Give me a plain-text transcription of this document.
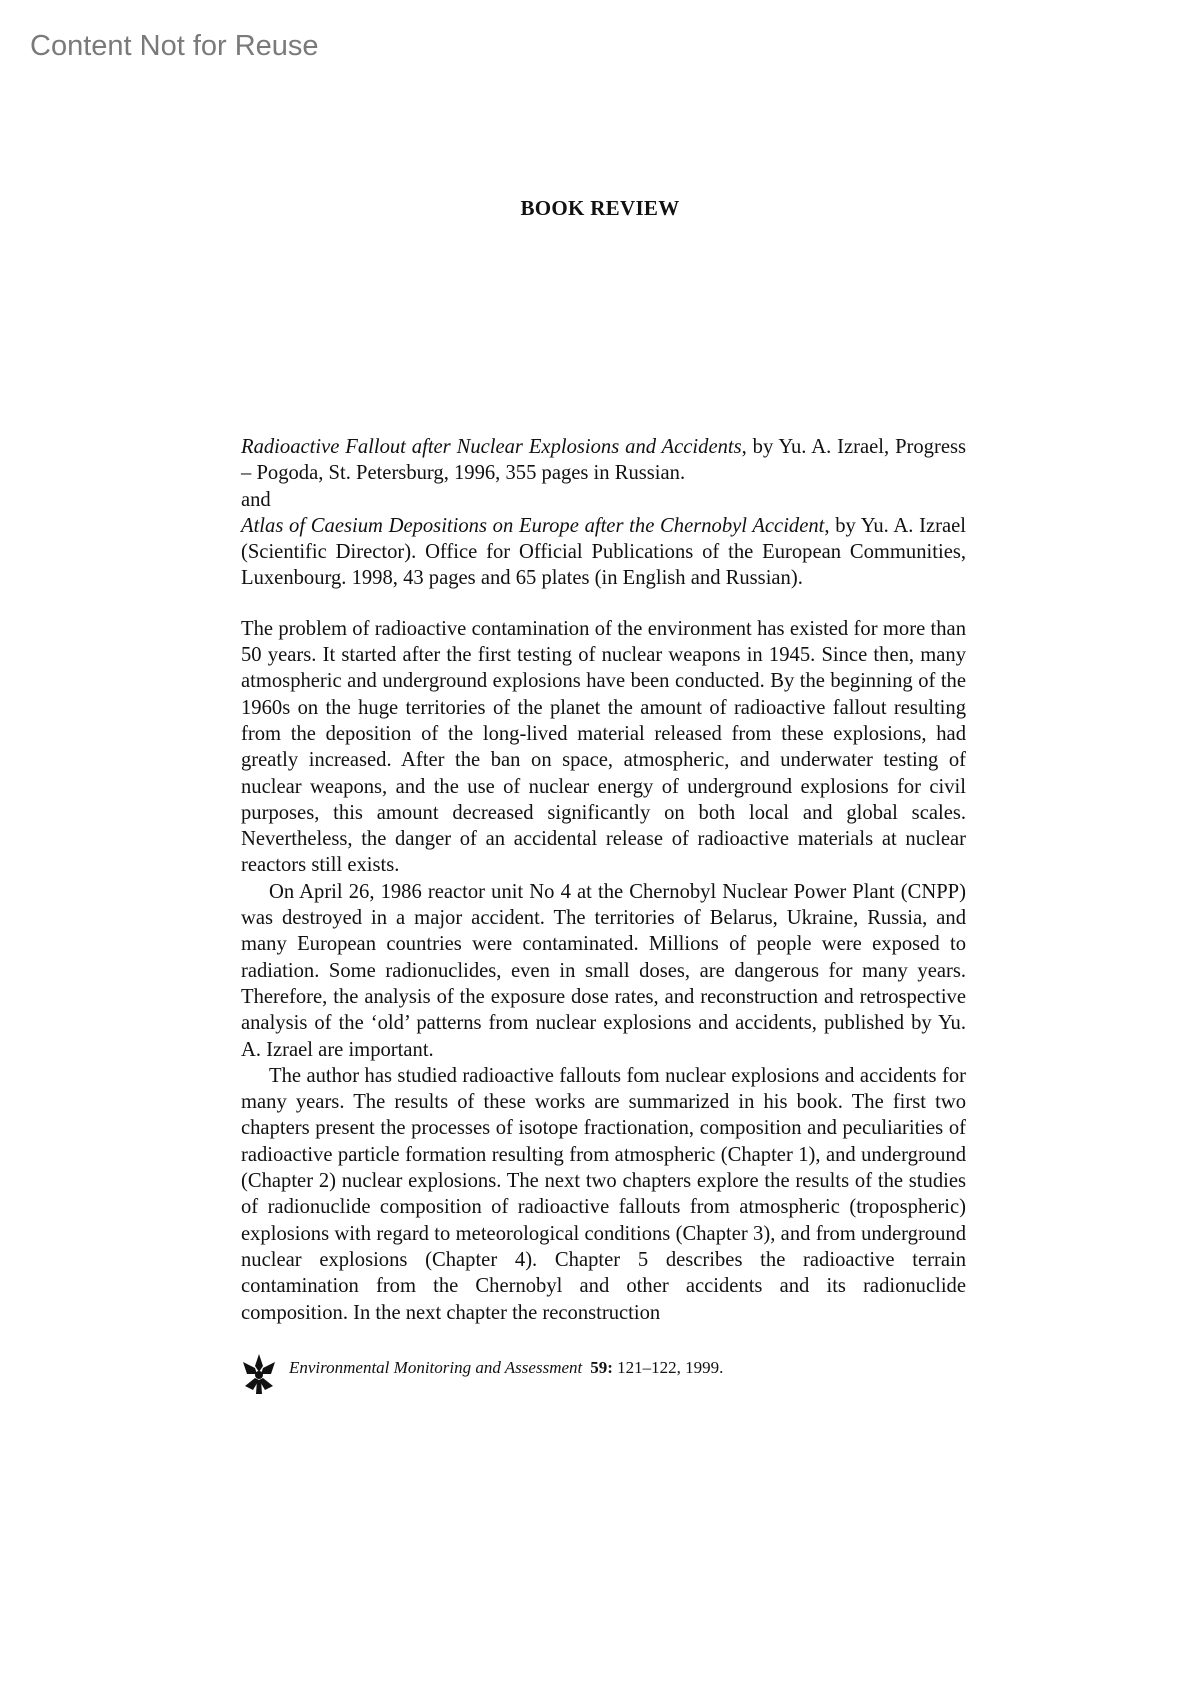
Content Not for Reuse
BOOK REVIEW

Radioactive Fallout after Nuclear Explosions and Accidents, by Yu. A. Izrael, Progress – Pogoda, St. Petersburg, 1996, 355 pages in Russian.

and

Atlas of Caesium Depositions on Europe after the Chernobyl Accident, by Yu. A. Izrael (Scientific Director). Office for Official Publications of the European Communities, Luxenbourg. 1998, 43 pages and 65 plates (in English and Russian).

The problem of radioactive contamination of the environment has existed for more than 50 years. It started after the first testing of nuclear weapons in 1945. Since then, many atmospheric and underground explosions have been conducted. By the beginning of the 1960s on the huge territories of the planet the amount of radioactive fallout resulting from the deposition of the long-lived material released from these explosions, had greatly increased. After the ban on space, atmospheric, and underwater testing of nuclear weapons, and the use of nuclear energy of underground explosions for civil purposes, this amount decreased significantly on both local and global scales. Nevertheless, the danger of an accidental release of radioactive materials at nuclear reactors still exists.

On April 26, 1986 reactor unit No 4 at the Chernobyl Nuclear Power Plant (CNPP) was destroyed in a major accident. The territories of Belarus, Ukraine, Russia, and many European countries were contaminated. Millions of people were exposed to radiation. Some radionuclides, even in small doses, are dangerous for many years. Therefore, the analysis of the exposure dose rates, and reconstruction and retrospective analysis of the ‘old’ patterns from nuclear explosions and accidents, published by Yu. A. Izrael are important.

The author has studied radioactive fallouts fom nuclear explosions and accidents for many years. The results of these works are summarized in his book. The first two chapters present the processes of isotope fractionation, composition and peculiarities of radioactive particle formation resulting from atmospheric (Chapter 1), and underground (Chapter 2) nuclear explosions. The next two chapters explore the results of the studies of radionuclide composition of radioactive fallouts from atmospheric (tropospheric) explosions with regard to meteorological conditions (Chapter 3), and from underground nuclear explosions (Chapter 4). Chapter 5 describes the radioactive terrain contamination from the Chernobyl and other accidents and its radionuclide composition. In the next chapter the reconstruction

Environmental Monitoring and Assessment 59: 121–122, 1999.
